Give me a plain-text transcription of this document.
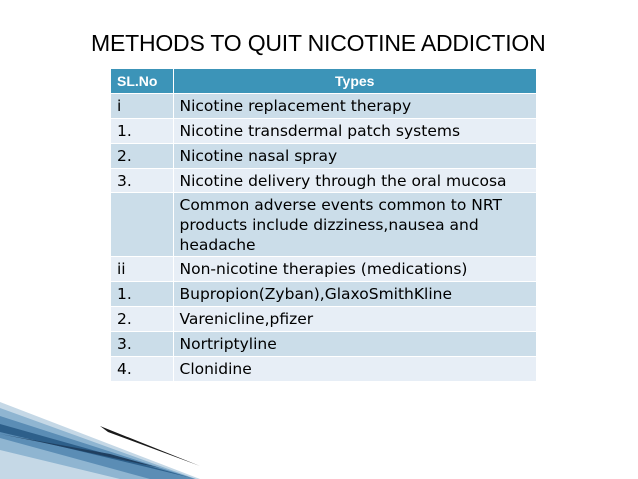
METHODS TO QUIT NICOTINE ADDICTION
SL.No	Types
i	Nicotine replacement therapy
1.	Nicotine transdermal patch systems
2.	Nicotine nasal spray
3.	Nicotine delivery through the oral mucosa
	Common adverse events common to NRT products include dizziness,nausea and headache
ii	Non-nicotine therapies (medications)
1.	Bupropion(Zyban),GlaxoSmithKline
2.	Varenicline,pfizer
3.	Nortriptyline
4.	Clonidine
